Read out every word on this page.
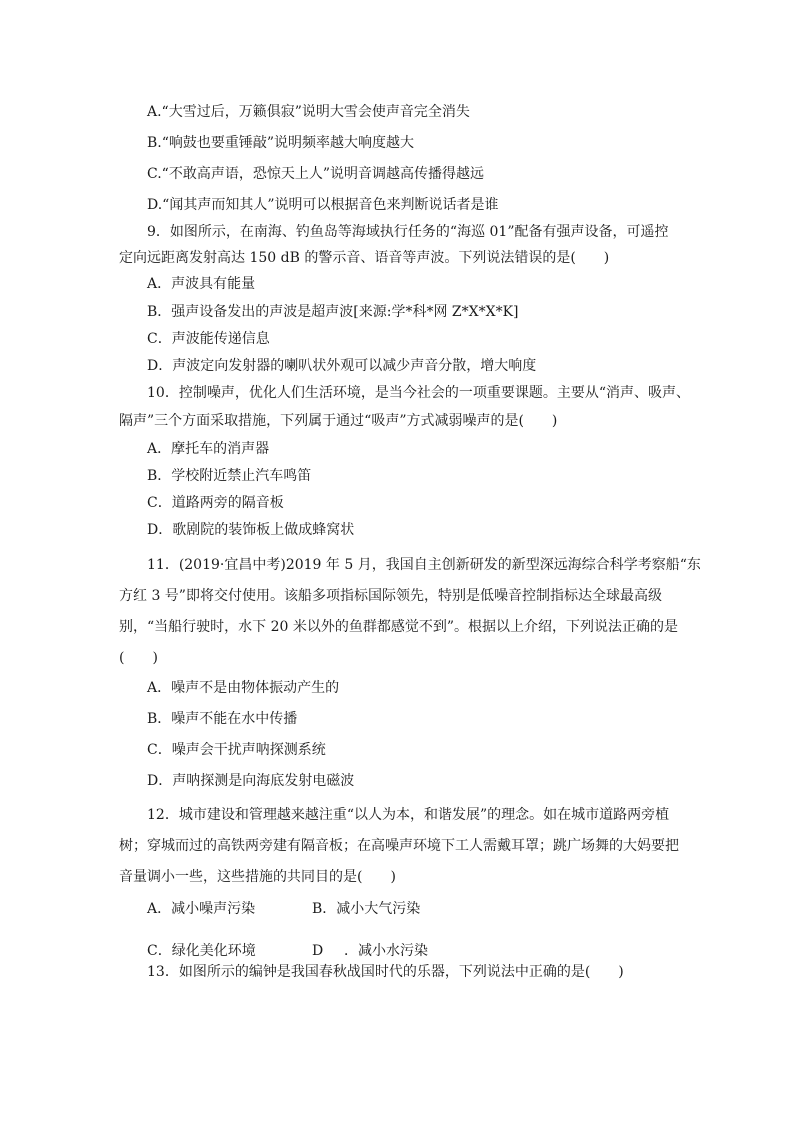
A.“大雪过后，万籁俱寂”说明大雪会使声音完全消失
B.“响鼓也要重锤敲”说明频率越大响度越大
C.“不敢高声语，恐惊天上人”说明音调越高传播得越远
D.“闻其声而知其人”说明可以根据音色来判断说话者是谁
9．如图所示，在南海、钓鱼岛等海域执行任务的“海巡 01”配备有强声设备，可遥控
定向远距离发射高达 150 dB 的警示音、语音等声波。下列说法错误的是(　　)
A．声波具有能量
B．强声设备发出的声波是超声波[来源:学*科*网 Z*X*X*K]
C．声波能传递信息
D．声波定向发射器的喇叭状外观可以减少声音分散，增大响度
10．控制噪声，优化人们生活环境，是当今社会的一项重要课题。主要从“消声、吸声、
隔声”三个方面采取措施，下列属于通过“吸声”方式减弱噪声的是(　　)
A．摩托车的消声器
B．学校附近禁止汽车鸣笛
C．道路两旁的隔音板
D．歌剧院的装饰板上做成蜂窝状
11．(2019·宜昌中考)2019 年 5 月，我国自主创新研发的新型深远海综合科学考察船“东
方红 3 号”即将交付使用。该船多项指标国际领先，特别是低噪音控制指标达全球最高级
别，“当船行驶时，水下 20 米以外的鱼群都感觉不到”。根据以上介绍，下列说法正确的是
(　　)
A．噪声不是由物体振动产生的
B．噪声不能在水中传播
C．噪声会干扰声呐探测系统
D．声呐探测是向海底发射电磁波
12．城市建设和管理越来越注重“以人为本，和谐发展”的理念。如在城市道路两旁植
树；穿城而过的高铁两旁建有隔音板；在高噪声环境下工人需戴耳罩；跳广场舞的大妈要把
音量调小一些，这些措施的共同目的是(　　)
A．减小噪声污染	B．减小大气污染
C．绿化美化环境	D ．减小水污染
13．如图所示的编钟是我国春秋战国时代的乐器，下列说法中正确的是(　　)
